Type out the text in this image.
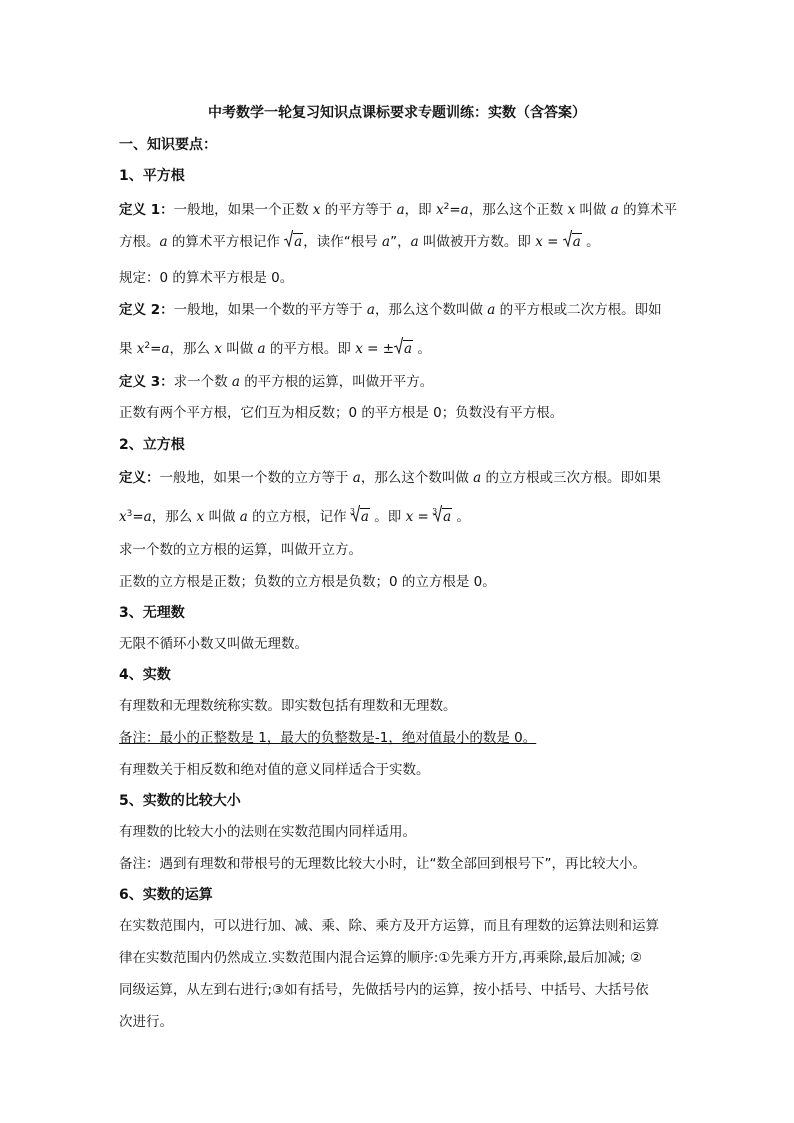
中考数学一轮复习知识点课标要求专题训练：实数（含答案）
一、知识要点：
1、平方根
定义 1：一般地，如果一个正数 x 的平方等于 a，即 $x^2=a$，那么这个正数 x 叫做 a 的算术平
方根。a 的算术平方根记作
a，读作“根号 a”，a 叫做被开方数。即 x =
a 。
规定：0 的算术平方根是 0。
定义 2：一般地，如果一个数的平方等于 a，那么这个数叫做 a 的平方根或二次方根。即如
果 $x^2=a$，那么 x 叫做 a 的平方根。即 x = ± a 。
定义 3：求一个数 a 的平方根的运算，叫做开平方。
正数有两个平方根，它们互为相反数；0 的平方根是 0；负数没有平方根。
2、立方根
定义：一般地，如果一个数的立方等于 a，那么这个数叫做 a 的立方根或三次方根。即如果
$x^3=a$，那么 x 叫做 a 的立方根，记作 3 a 。即 x = 3 a 。
求一个数的立方根的运算，叫做开立方。
正数的立方根是正数；负数的立方根是负数；0 的立方根是 0。
3、无理数
无限不循环小数又叫做无理数。
4、实数
有理数和无理数统称实数。即实数包括有理数和无理数。
备注：最小的正整数是 1，最大的负整数是-1，绝对值最小的数是 0。
有理数关于相反数和绝对值的意义同样适合于实数。
5、实数的比较大小
有理数的比较大小的法则在实数范围内同样适用。
备注：遇到有理数和带根号的无理数比较大小时，让“数全部回到根号下”，再比较大小。
6、实数的运算
在实数范围内，可以进行加、减、乘、除、乘方及开方运算，而且有理数的运算法则和运算
律在实数范围内仍然成立.实数范围内混合运算的顺序:①先乘方开方,再乘除,最后加减; ②
同级运算，从左到右进行;③如有括号，先做括号内的运算，按小括号、中括号、大括号依
次进行。
